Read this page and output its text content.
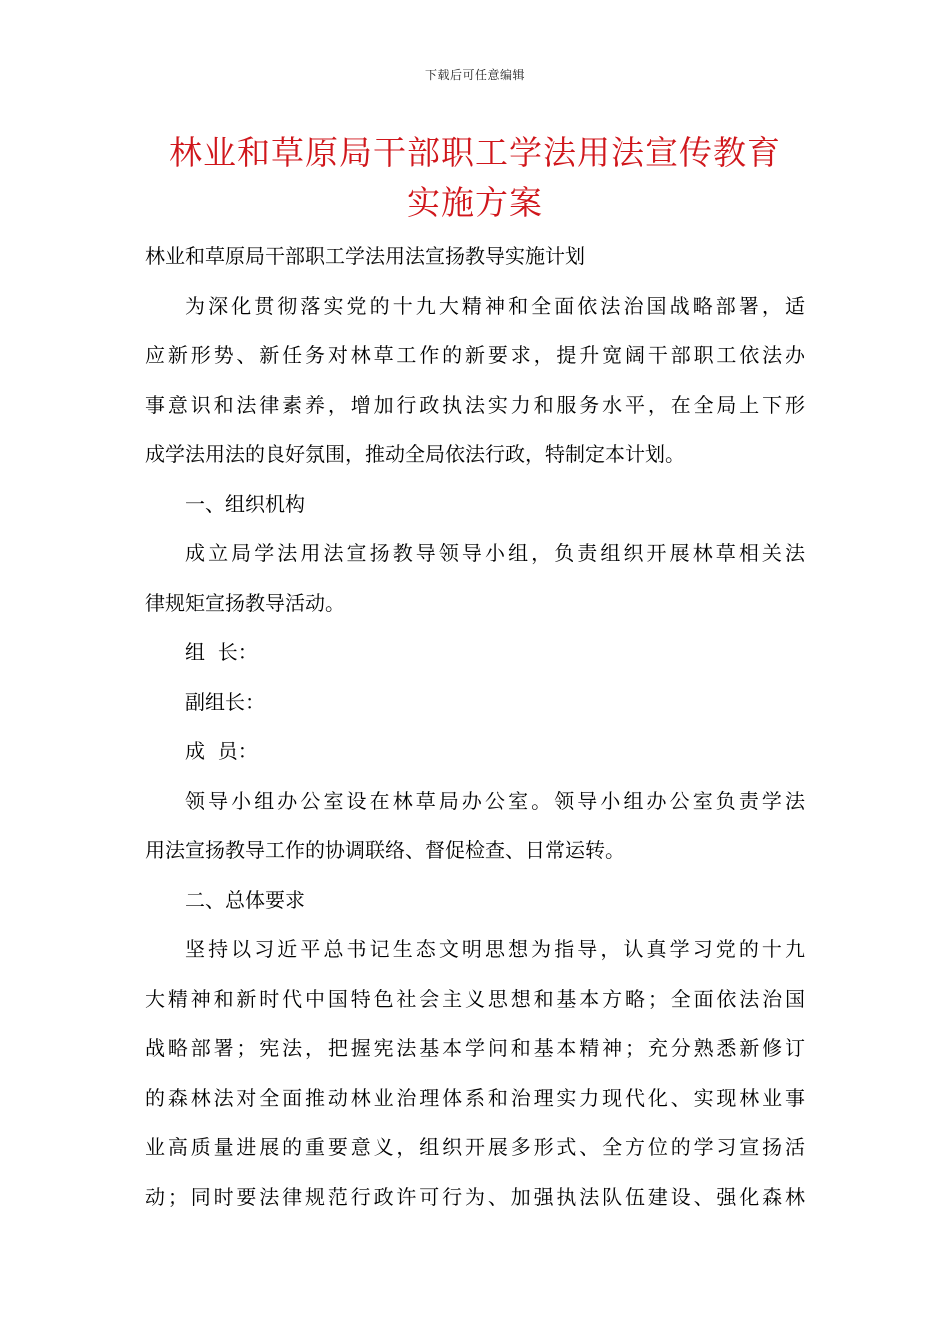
下载后可任意编辑
林业和草原局干部职工学法用法宣传教育
实施方案

林业和草原局干部职工学法用法宣扬教导实施计划

为深化贯彻落实党的十九大精神和全面依法治国战略部署，适
应新形势、新任务对林草工作的新要求，提升宽阔干部职工依法办
事意识和法律素养，增加行政执法实力和服务水平，在全局上下形
成学法用法的良好氛围，推动全局依法行政，特制定本计划。

一、组织机构

成立局学法用法宣扬教导领导小组，负责组织开展林草相关法
律规矩宣扬教导活动。

组  长：

副组长：

成  员：

领导小组办公室设在林草局办公室。领导小组办公室负责学法
用法宣扬教导工作的协调联络、督促检查、日常运转。

二、总体要求

坚持以习近平总书记生态文明思想为指导，认真学习党的十九
大精神和新时代中国特色社会主义思想和基本方略；全面依法治国
战略部署；宪法，把握宪法基本学问和基本精神；充分熟悉新修订
的森林法对全面推动林业治理体系和治理实力现代化、实现林业事
业高质量进展的重要意义，组织开展多形式、全方位的学习宣扬活
动；同时要法律规范行政许可行为、加强执法队伍建设、强化森林
